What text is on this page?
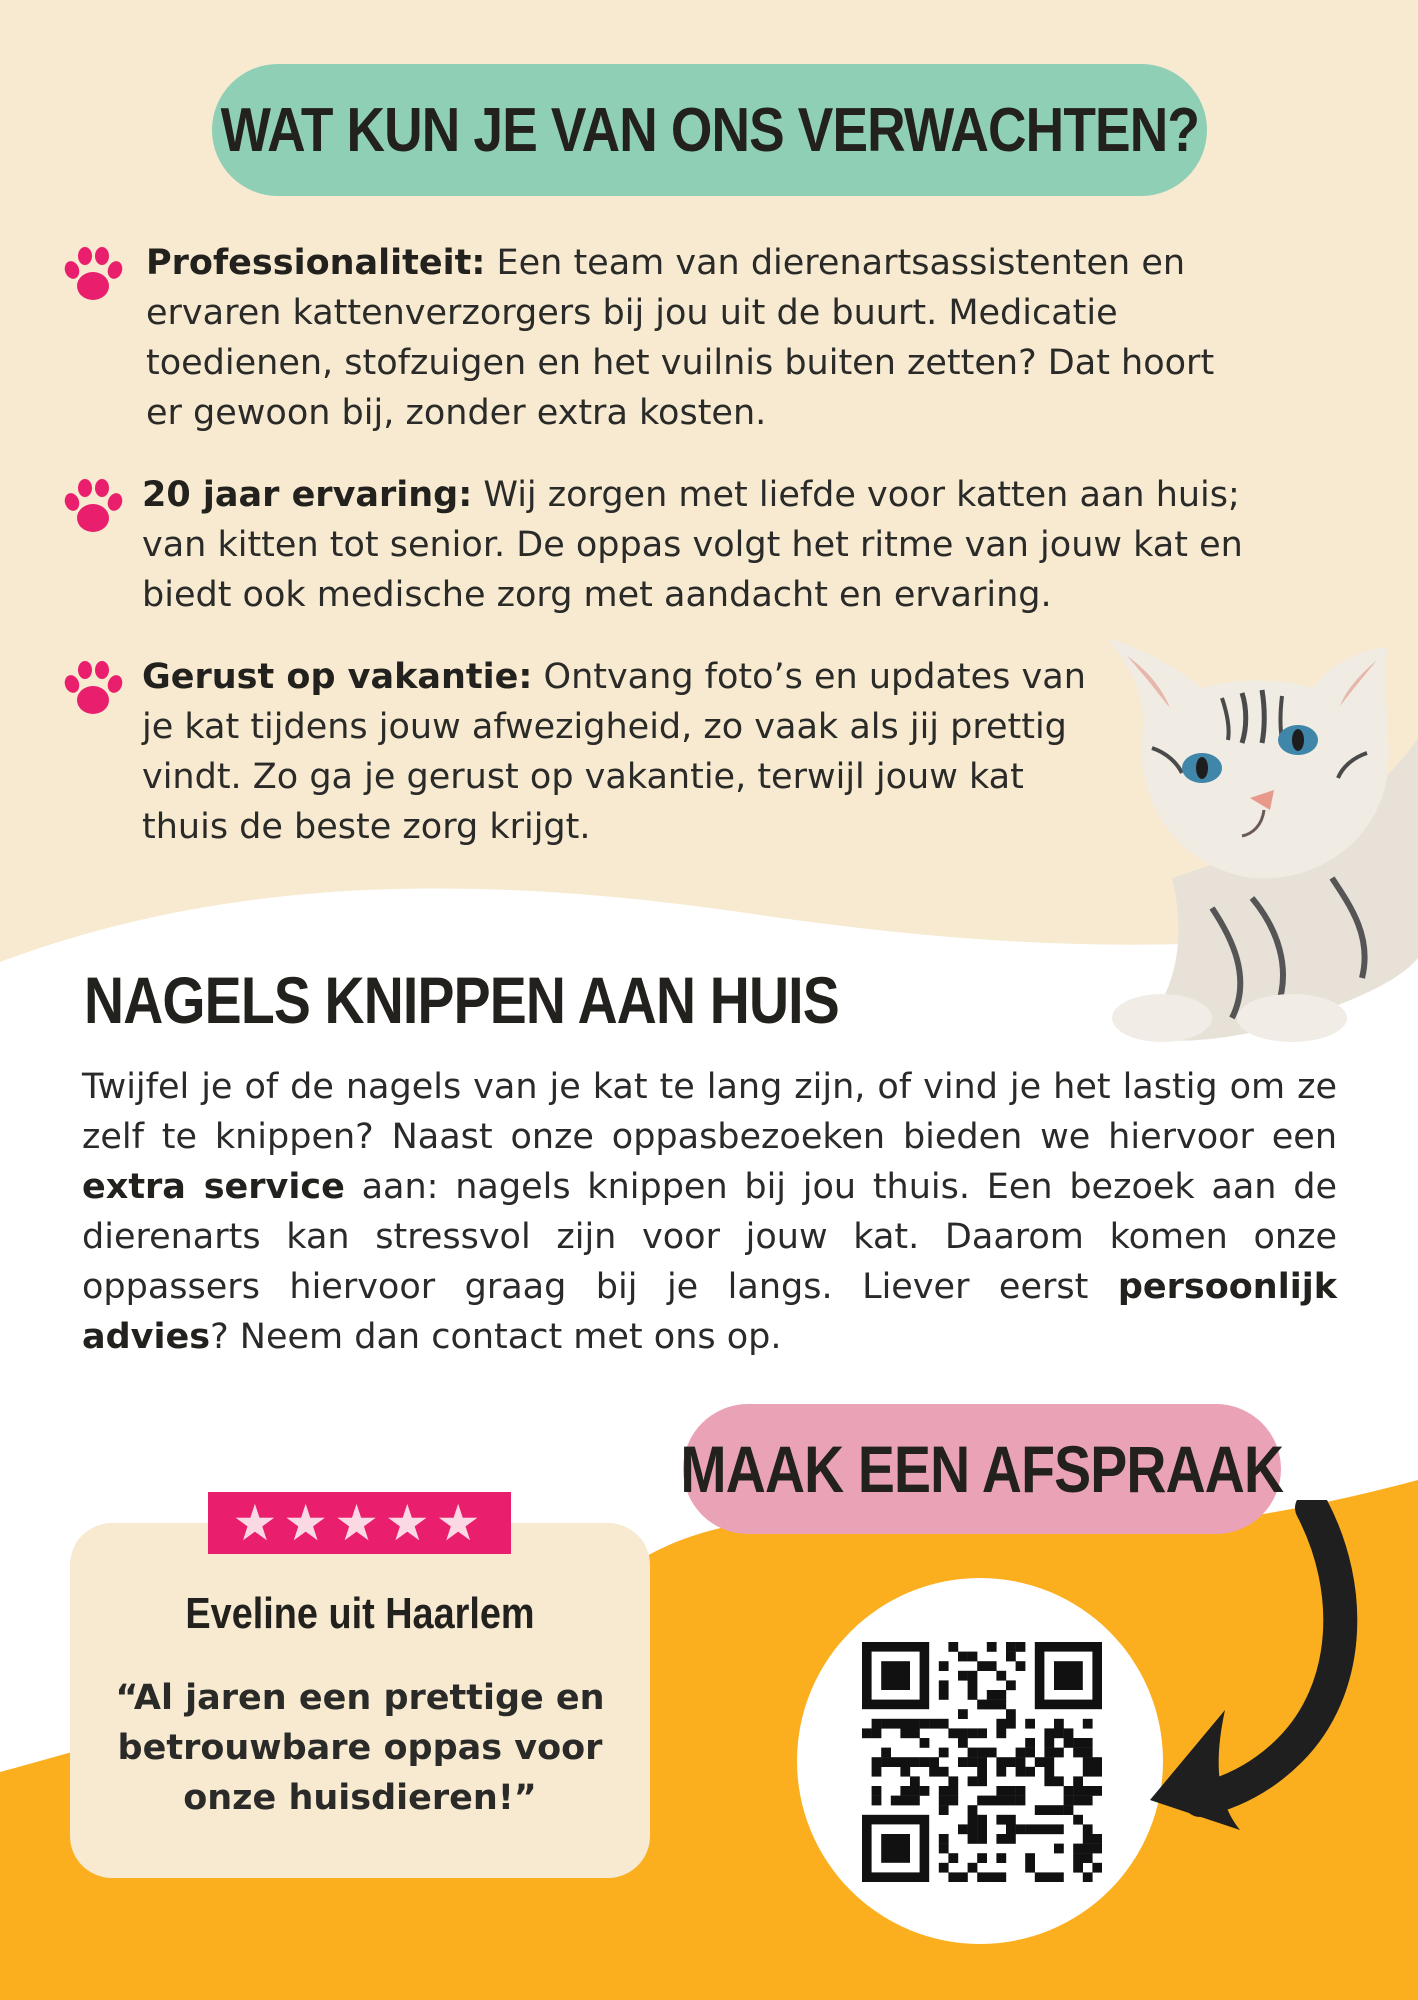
WAT KUN JE VAN ONS VERWACHTEN?
Professionaliteit: Een team van dierenartsassistenten en ervaren kattenverzorgers bij jou uit de buurt. Medicatie toedienen, stofzuigen en het vuilnis buiten zetten? Dat hoort er gewoon bij, zonder extra kosten.
20 jaar ervaring: Wij zorgen met liefde voor katten aan huis; van kitten tot senior. De oppas volgt het ritme van jouw kat en biedt ook medische zorg met aandacht en ervaring.
Gerust op vakantie: Ontvang foto’s en updates van je kat tijdens jouw afwezigheid, zo vaak als jij prettig vindt. Zo ga je gerust op vakantie, terwijl jouw kat thuis de beste zorg krijgt.
NAGELS KNIPPEN AAN HUIS
Twijfel je of de nagels van je kat te lang zijn, of vind je het lastig om ze zelf te knippen? Naast onze oppasbezoeken bieden we hiervoor een extra service aan: nagels knippen bij jou thuis. Een bezoek aan de dierenarts kan stressvol zijn voor jouw kat. Daarom komen onze oppassers hiervoor graag bij je langs. Liever eerst persoonlijk advies? Neem dan contact met ons op.
MAAK EEN AFSPRAAK
Eveline uit Haarlem
“Al jaren een prettige en betrouwbare oppas voor onze huisdieren!”
★★★★★
